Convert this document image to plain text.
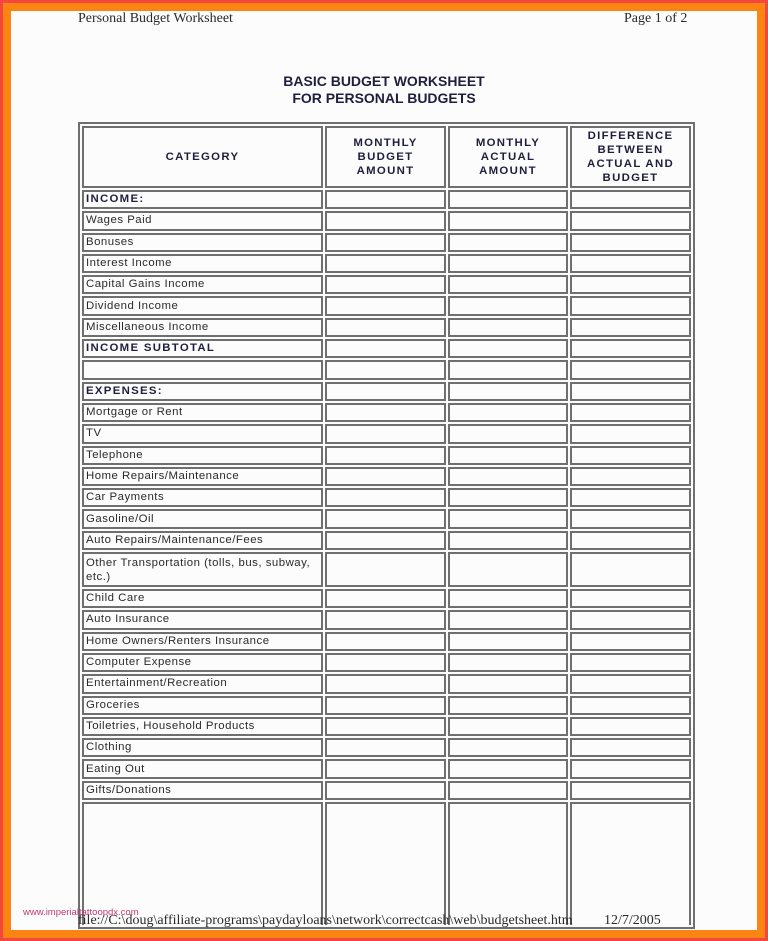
Personal Budget Worksheet	Page 1 of 2
BASIC BUDGET WORKSHEET
FOR PERSONAL BUDGETS
CATEGORY	MONTHLY BUDGET AMOUNT	MONTHLY ACTUAL AMOUNT	DIFFERENCE BETWEEN ACTUAL AND BUDGET
INCOME:			
Wages Paid			
Bonuses			
Interest Income			
Capital Gains Income			
Dividend Income			
Miscellaneous Income			
INCOME SUBTOTAL			

EXPENSES:			
Mortgage or Rent			
TV			
Telephone			
Home Repairs/Maintenance			
Car Payments			
Gasoline/Oil			
Auto Repairs/Maintenance/Fees			
Other Transportation (tolls, bus, subway, etc.)			
Child Care			
Auto Insurance			
Home Owners/Renters Insurance			
Computer Expense			
Entertainment/Recreation			
Groceries			
Toiletries, Household Products			
Clothing			
Eating Out			
Gifts/Donations			

www.imperialtattoopdx.com
file://C:\doug\affiliate-programs\paydayloans\network\correctcash\web\budgetsheet.htm 12/7/2005
